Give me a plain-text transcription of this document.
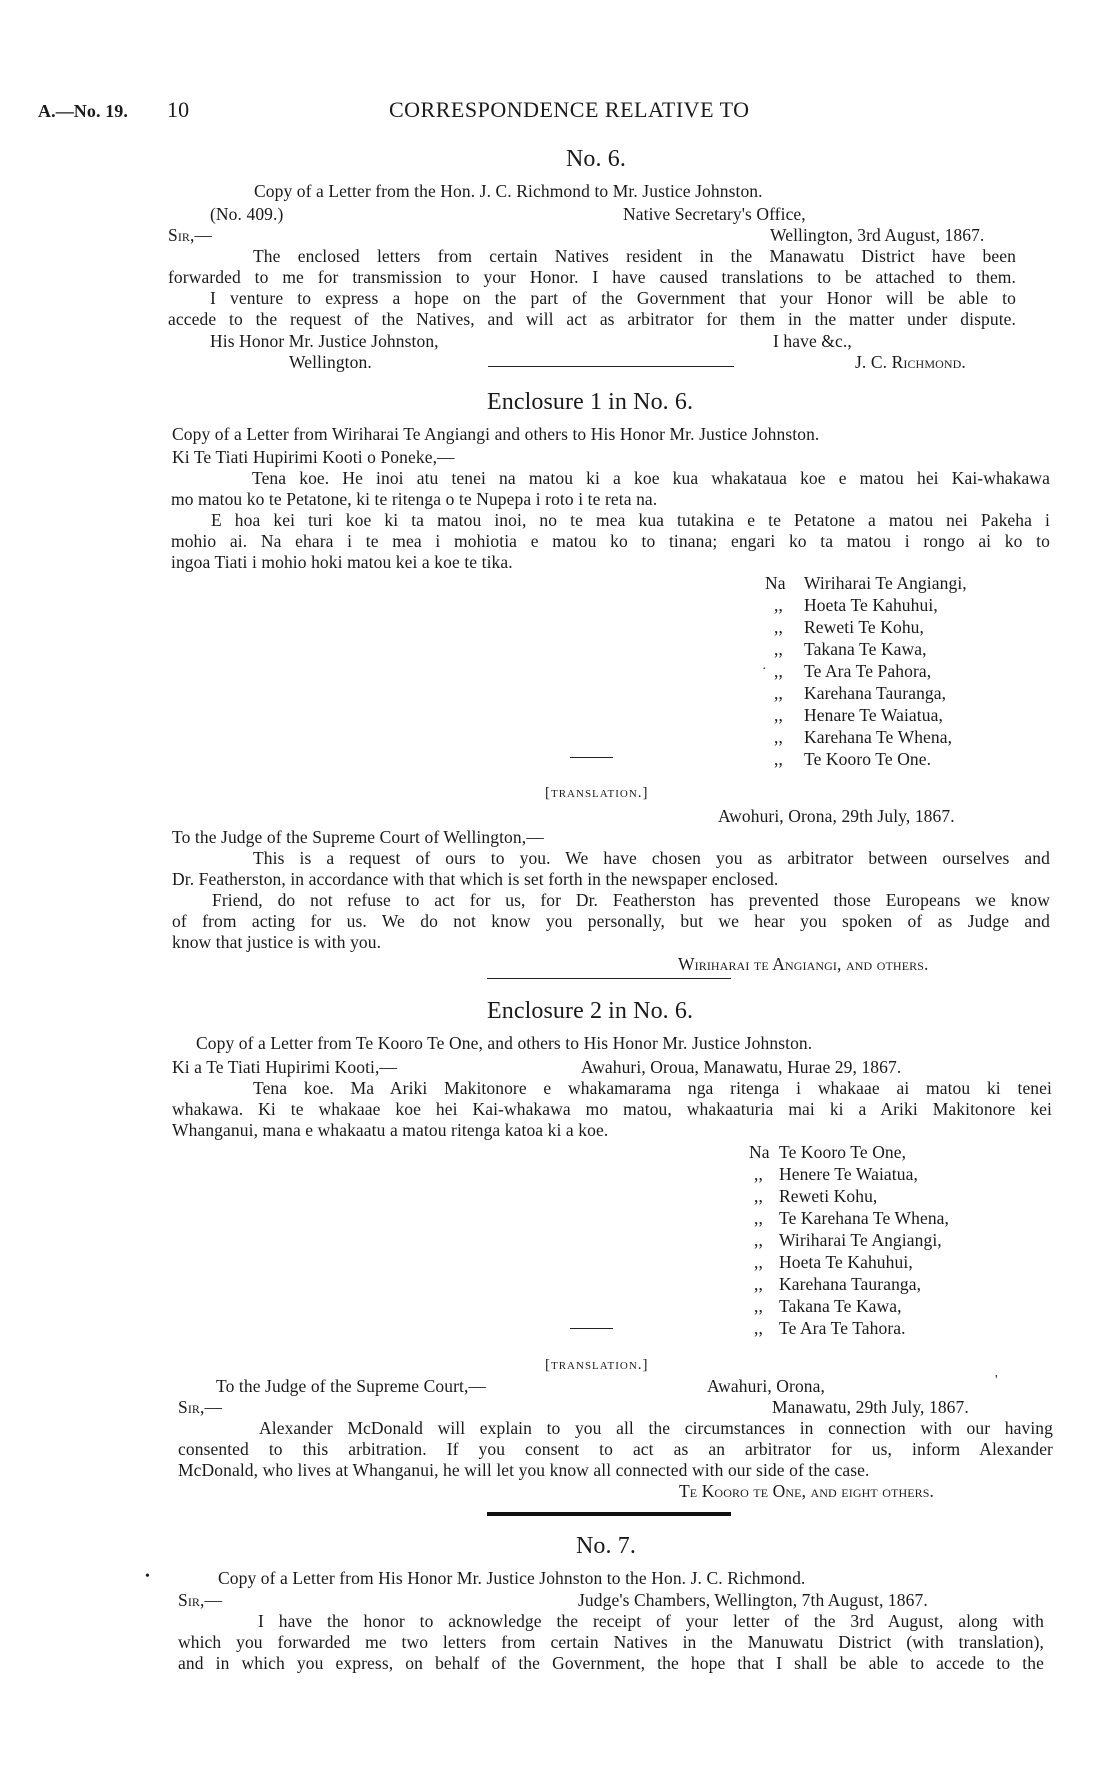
A.—No. 19. 10	CORRESPONDENCE RELATIVE TO
No. 6.
Copy of a Letter from the Hon. J. C. Richmond to Mr. Justice Johnston.
(No. 409.)	Native Secretary's Office,
Sir,—	Wellington, 3rd August, 1867.
The enclosed letters from certain Natives resident in the Manawatu District have been
forwarded to me for transmission to your Honor. I have caused translations to be attached to them.
I venture to express a hope on the part of the Government that your Honor will be able to
accede to the request of the Natives, and will act as arbitrator for them in the matter under dispute.
His Honor Mr. Justice Johnston,	I have &c.,
Wellington.	J. C. Richmond.
Enclosure 1 in No. 6.
Copy of a Letter from Wiriharai Te Angiangi and others to His Honor Mr. Justice Johnston.
Ki Te Tiati Hupirimi Kooti o Poneke,—
Tena koe. He inoi atu tenei na matou ki a koe kua whakataua koe e matou hei Kai-whakawa
mo matou ko te Petatone, ki te ritenga o te Nupepa i roto i te reta na.
E hoa kei turi koe ki ta matou inoi, no te mea kua tutakina e te Petatone a matou nei Pakeha i
mohio ai. Na ehara i te mea i mohiotia e matou ko to tinana; engari ko ta matou i rongo ai ko to
ingoa Tiati i mohio hoki matou kei a koe te tika.
Na Wiriharai Te Angiangi,
,, Hoeta Te Kahuhui,
,, Reweti Te Kohu,
,, Takana Te Kawa,
· ,, Te Ara Te Pahora,
,, Karehana Tauranga,
,, Henare Te Waiatua,
,, Karehana Te Whena,
,, Te Kooro Te One.
[translation.]
Awohuri, Orona, 29th July, 1867.
To the Judge of the Supreme Court of Wellington,—
This is a request of ours to you. We have chosen you as arbitrator between ourselves and
Dr. Featherston, in accordance with that which is set forth in the newspaper enclosed.
Friend, do not refuse to act for us, for Dr. Featherston has prevented those Europeans we know
of from acting for us. We do not know you personally, but we hear you spoken of as Judge and
know that justice is with you.
Wiriharai te Angiangi, and others.
Enclosure 2 in No. 6.
Copy of a Letter from Te Kooro Te One, and others to His Honor Mr. Justice Johnston.
Ki a Te Tiati Hupirimi Kooti,—	Awahuri, Oroua, Manawatu, Hurae 29, 1867.
Tena koe. Ma Ariki Makitonore e whakamarama nga ritenga i whakaae ai matou ki tenei
whakawa. Ki te whakaae koe hei Kai-whakawa mo matou, whakaaturia mai ki a Ariki Makitonore kei
Whanganui, mana e whakaatu a matou ritenga katoa ki a koe.
Na Te Kooro Te One,
,, Henere Te Waiatua,
,, Reweti Kohu,
,, Te Karehana Te Whena,
,, Wiriharai Te Angiangi,
,, Hoeta Te Kahuhui,
,, Karehana Tauranga,
,, Takana Te Kawa,
,, Te Ara Te Tahora.
[translation.]
To the Judge of the Supreme Court,—	Awahuri, Orona,	'
Sir,—	Manawatu, 29th July, 1867.
Alexander McDonald will explain to you all the circumstances in connection with our having
consented to this arbitration. If you consent to act as an arbitrator for us, inform Alexander
McDonald, who lives at Whanganui, he will let you know all connected with our side of the case.
Te Kooro te One, and eight others.
No. 7.
•	Copy of a Letter from His Honor Mr. Justice Johnston to the Hon. J. C. Richmond.
Sir,—	Judge's Chambers, Wellington, 7th August, 1867.
I have the honor to acknowledge the receipt of your letter of the 3rd August, along with
which you forwarded me two letters from certain Natives in the Manuwatu District (with translation),
and in which you express, on behalf of the Government, the hope that I shall be able to accede to the
